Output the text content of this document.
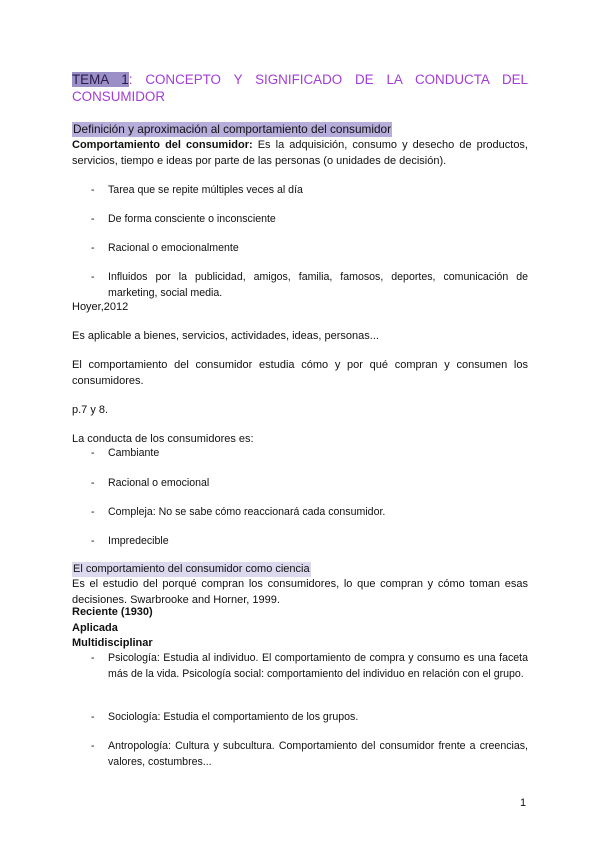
TEMA 1: CONCEPTO Y SIGNIFICADO DE LA CONDUCTA DEL
CONSUMIDOR
Definición y aproximación al comportamiento del consumidor
Comportamiento del consumidor: Es la adquisición, consumo y desecho de productos, servicios, tiempo e ideas por parte de las personas (o unidades de decisión).
- Tarea que se repite múltiples veces al día
- De forma consciente o inconsciente
- Racional o emocionalmente
- Influidos por la publicidad, amigos, familia, famosos, deportes, comunicación de marketing, social media.
Hoyer,2012
Es aplicable a bienes, servicios, actividades, ideas, personas...
El comportamiento del consumidor estudia cómo y por qué compran y consumen los consumidores.
p.7 y 8.
La conducta de los consumidores es:
- Cambiante
- Racional o emocional
- Compleja: No se sabe cómo reaccionará cada consumidor.
- Impredecible
El comportamiento del consumidor como ciencia
Es el estudio del porqué compran los consumidores, lo que compran y cómo toman esas decisiones. Swarbrooke and Horner, 1999.
Reciente (1930)
Aplicada
Multidisciplinar
- Psicología: Estudia al individuo. El comportamiento de compra y consumo es una faceta más de la vida. Psicología social: comportamiento del individuo en relación con el grupo.
- Sociología: Estudia el comportamiento de los grupos.
- Antropología: Cultura y subcultura. Comportamiento del consumidor frente a creencias, valores, costumbres...
1
